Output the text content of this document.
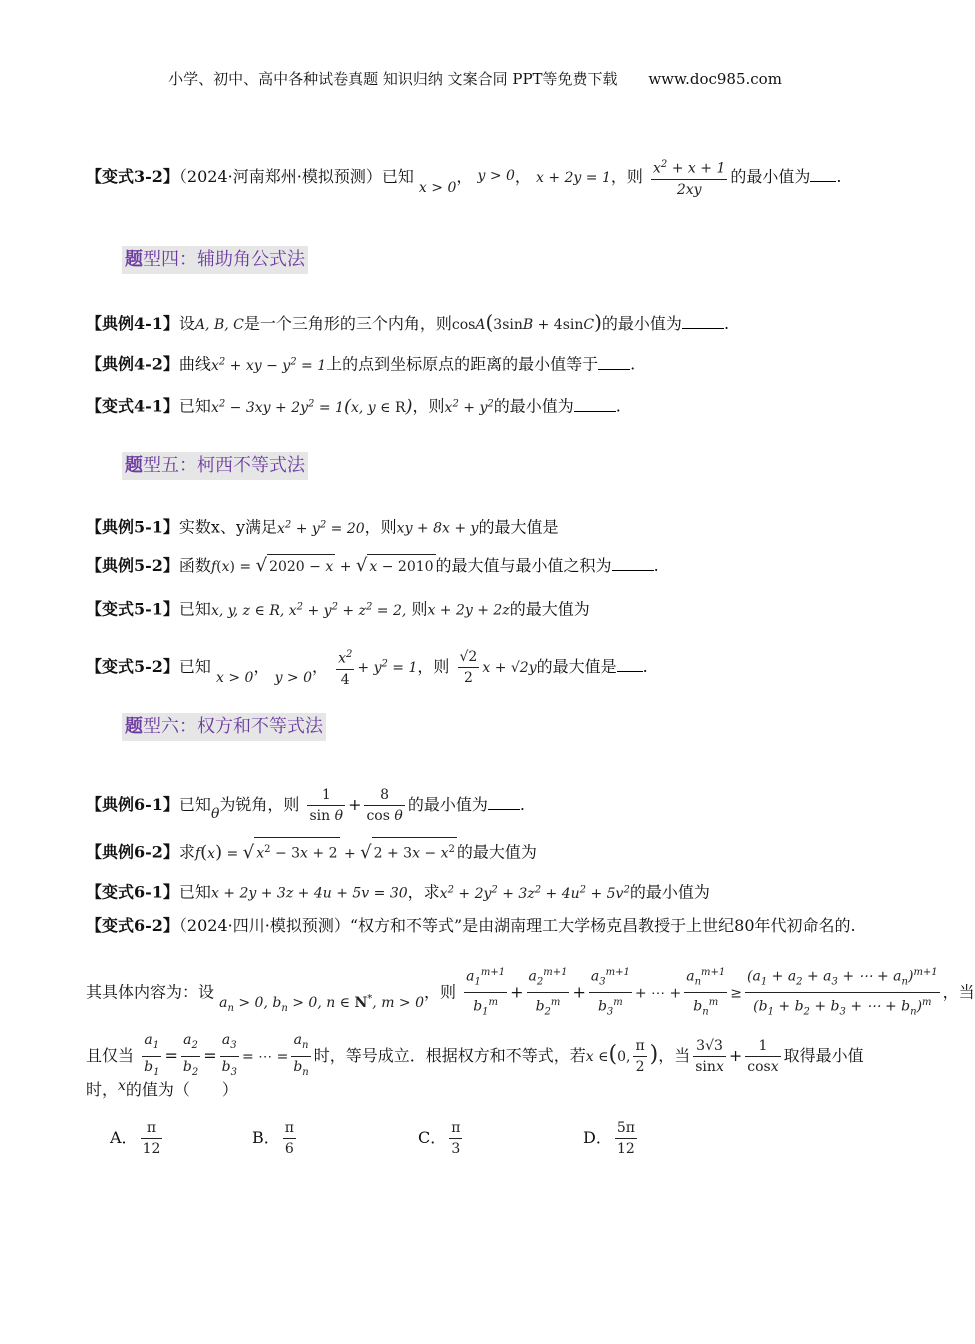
小学、初中、高中各种试卷真题 知识归纳 文案合同 PPT等免费下载 www.doc985.com
【变式3-2】（2024·河南郑州·模拟预测）已知 x > 0， y > 0， x + 2y = 1，则 $\frac{x^2 + x + 1}{2xy}$ 的最小值为 .
题型四：辅助角公式法
【典例4-1】设A, B, C是一个三角形的三个内角，则cosA(3sinB + 4sinC)的最小值为	.
【典例4-2】曲线$x^2$ + xy − $y^2 = 1$上的点到坐标原点的距离的最小值等于 .
【变式4-1】已知$x^2 - 3xy + 2y^2 = 1(x$, y ∈ R)，则$x^2 + y^2$的最小值为	.
题型五：柯西不等式法
【典例5-1】实数x、y满足$x^2 + y^2 = 20$，则xy + 8x + y的最大值是
【典例5-2】函数f(x) = √ 2020 − x + √ x − 2010 的最大值与最小值之积为	.
【变式5-1】已知x, y, z ∈ R, $x^2 + y^2 + z^2 = 2$, 则x + 2y + 2z的最大值为
【变式5-2】已知 x > 0， y > 0， $\frac{x^2}{4} + y^2 = 1$，则 $\frac{√2}{2}$ x + √2y的最大值是 .
题型六：权方和不等式法
【典例6-1】已知θ为锐角，则 $\frac{1}{\text{sin θ}} + \frac{8}{\text{cos θ}}$ 的最小值为 .
【典例6-2】求f(x) = √ $x^2 - 3x + 2$ + √ $2 + 3x - x^2$ 的最大值为
【变式6-1】已知x + 2y + 3z + 4u + 5v = 30，求$x^2 + 2y^2 + 3z^2 + 4u^2 + 5v^2$的最小值为
【变式6-2】（2024·四川·模拟预测）“权方和不等式”是由湖南理工大学杨克昌教授于上世纪80年代初命名的.
其具体内容为：设 $a_n > 0$, $b_n > 0$, n ∈ N*, m > 0，则 $\frac{a_1^{m+1}}{b_1^m} + \frac{a_2^{m+1}}{b_2^m} + \frac{a_3^{m+1}}{b_3^m}$ + ⋯ + $\frac{a_n^{m+1}}{b_n^m} \ge \frac{(a_1 + a_2 + a_3 + \cdots + a_n)^{m+1}}{(b_1 + b_2 + b_3 + \cdots + b_n)^m}$ ，当
且仅当 $\frac{a_1}{b_1} = \frac{a_2}{b_2} = \frac{a_3}{b_3}$ = ⋯ = $\frac{a_n}{b_n}$ 时，等号成立．根据权方和不等式，若x ∈(0, $\frac{\pi}{2}$ )，当 $\frac{3√3}{\sin x} + \frac{1}{\cos x}$ 取得最小值
时，x的值为（　　）
A． $\frac{\pi}{12}$	B． $\frac{\pi}{6}$	C． $\frac{\pi}{3}$	D． $\frac{5\pi}{12}$
